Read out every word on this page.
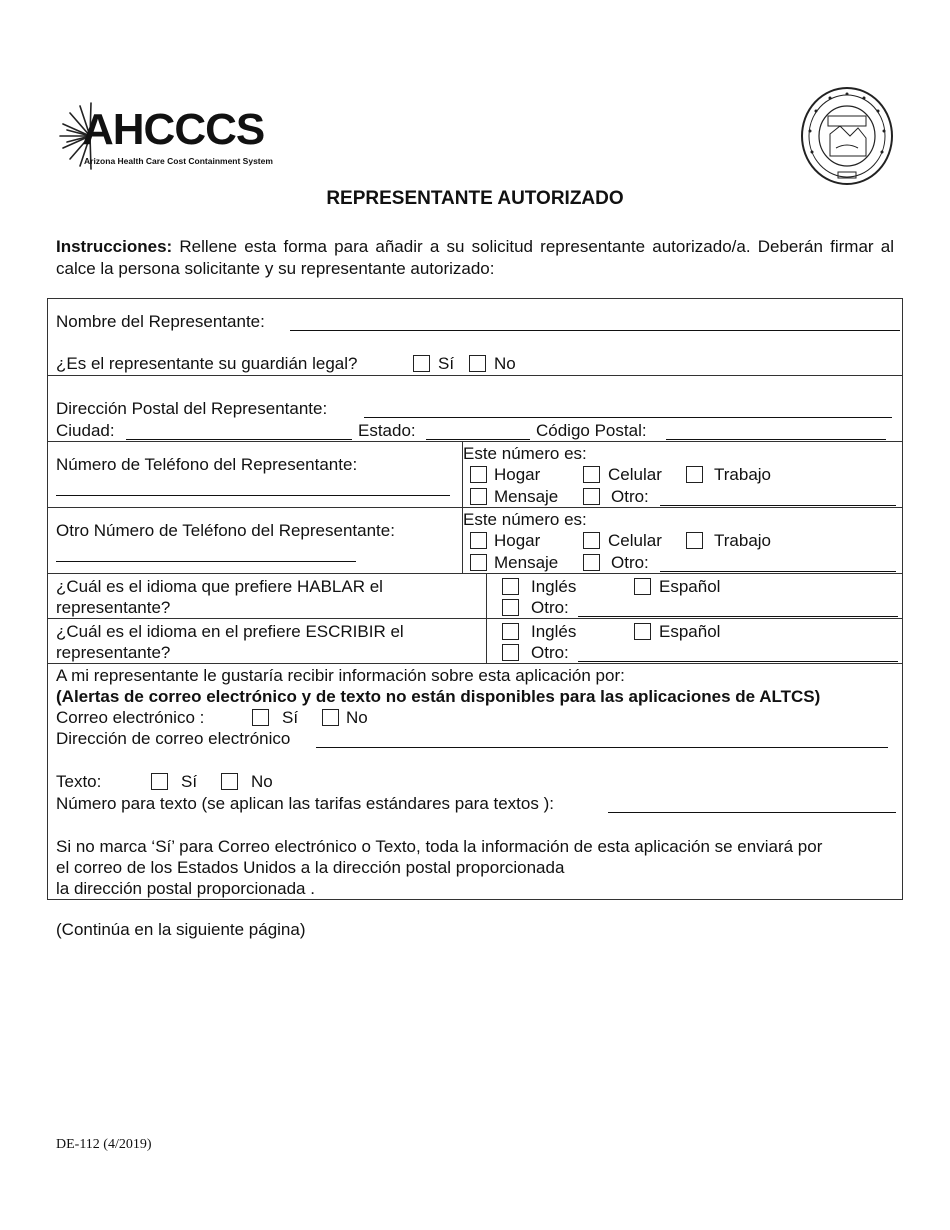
AHCCCS
Arizona Health Care Cost Containment System
REPRESENTANTE AUTORIZADO
Instrucciones: Rellene esta forma para añadir a su solicitud representante autorizado/a. Deberán firmar al calce la persona solicitante y su representante autorizado:
Nombre del Representante:
¿Es el representante su guardián legal?	Sí No
Dirección Postal del Representante:
Ciudad:	Estado:	Código Postal:
Número de Teléfono del Representante:
Este número es:
Hogar	Celular	Trabajo
Mensaje	Otro:
Otro Número de Teléfono del Representante:
Este número es:
Hogar	Celular	Trabajo
Mensaje	Otro:
¿Cuál es el idioma que prefiere HABLAR el
representante?
Inglés	Español
Otro:
¿Cuál es el idioma en el prefiere ESCRIBIR el
representante?
Inglés	Español
Otro:
A mi representante le gustaría recibir información sobre esta aplicación por:
(Alertas de correo electrónico y de texto no están disponibles para las aplicaciones de ALTCS)
Correo electrónico :	Sí	No
Dirección de correo electrónico
Texto:	Sí	No
Número para texto (se aplican las tarifas estándares para textos ):
Si no marca ‘Sí’ para Correo electrónico o Texto, toda la información de esta aplicación se enviará por
el correo de los Estados Unidos a la dirección postal proporcionada
la dirección postal proporcionada .
(Continúa en la siguiente página)
DE-112 (4/2019)
